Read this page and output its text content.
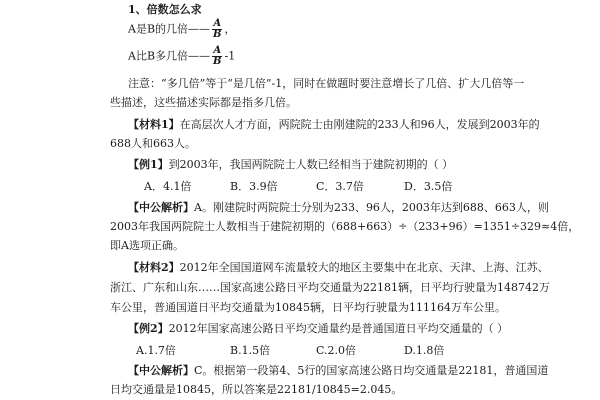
1、倍数怎么求
A是B的几倍—— $\frac{A}{B}$ ，
A比B多几倍—— $\frac{A}{B} -1$
注意：“多几倍”等于“是几倍”-1，同时在做题时要注意增长了几倍、扩大几倍等一
些描述，这些描述实际都是指多几倍。
【材料1】在高层次人才方面，两院院士由刚建院的233人和96人，发展到2003年的
688人和663人。
【例1】到2003年，我国两院院士人数已经相当于建院初期的（ ）
A．4.1倍	B．3.9倍	C．3.7倍	D．3.5倍
【中公解析】A。刚建院时两院院士分别为233、96人，2003年达到688、663人，则
2003年我国两院院士人数相当于建院初期的（688+663）÷（233+96）=1351÷329≈4倍，
即A选项正确。
【材料2】2012年全国国道网车流量较大的地区主要集中在北京、天津、上海、江苏、
浙江、广东和山东……国家高速公路日平均交通量为22181辆，日平均行驶量为148742万
车公里，普通国道日平均交通量为10845辆，日平均行驶量为111164万车公里。
【例2】2012年国家高速公路日平均交通量约是普通国道日平均交通量的（ ）
A.1.7倍	B.1.5倍	C.2.0倍	D.1.8倍
【中公解析】C。根据第一段第4、5行的国家高速公路日均交通量是22181，普通国道
日均交通量是10845，所以答案是22181/10845=2.045。
